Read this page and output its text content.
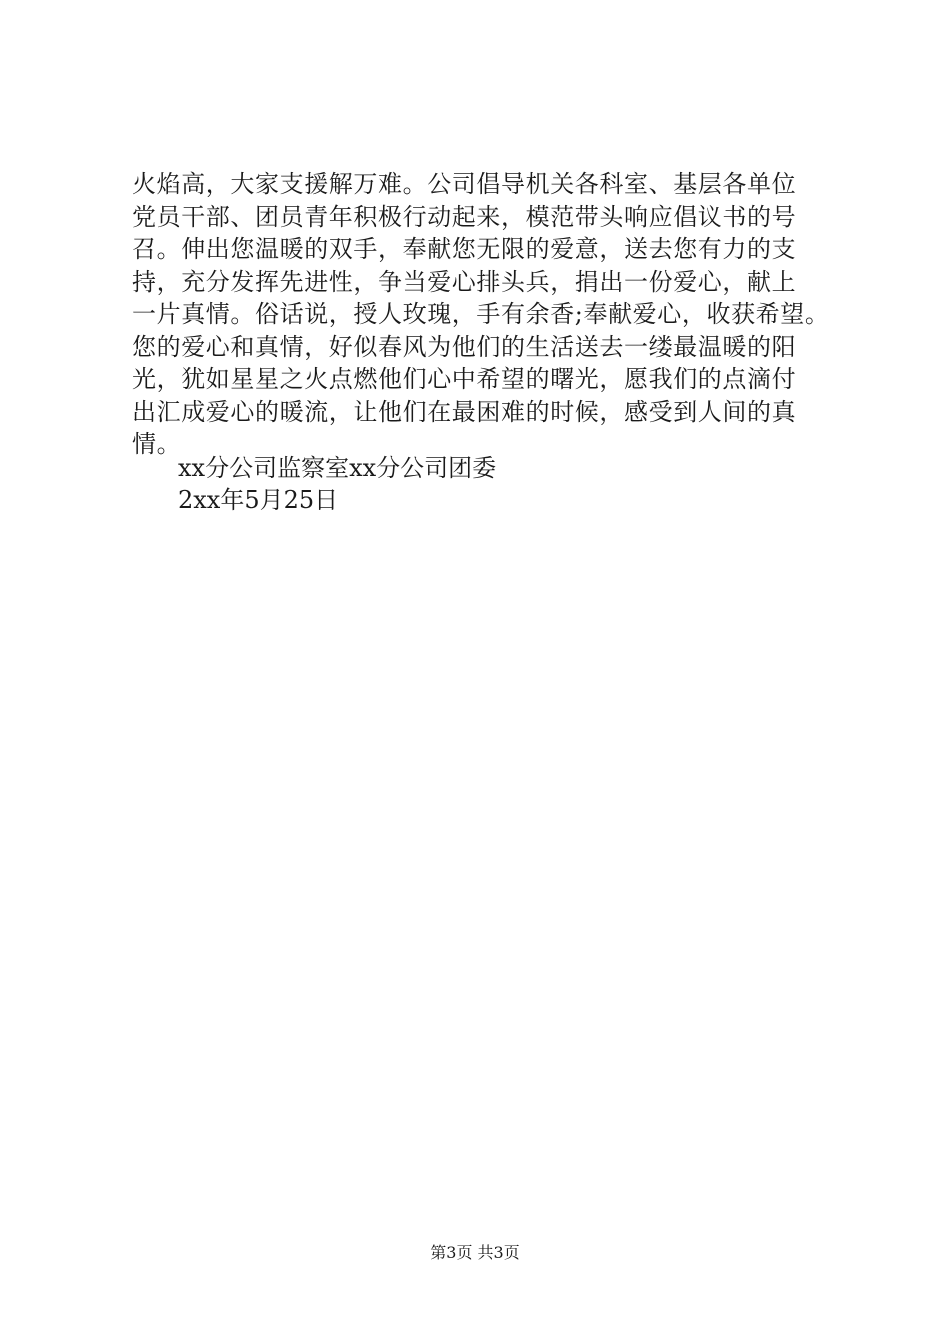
火焰高，大家支援解万难。公司倡导机关各科室、基层各单位
党员干部、团员青年积极行动起来，模范带头响应倡议书的号
召。伸出您温暖的双手，奉献您无限的爱意，送去您有力的支
持，充分发挥先进性，争当爱心排头兵，捐出一份爱心，献上
一片真情。俗话说，授人玫瑰，手有余香;奉献爱心，收获希望。
您的爱心和真情，好似春风为他们的生活送去一缕最温暖的阳
光，犹如星星之火点燃他们心中希望的曙光，愿我们的点滴付
出汇成爱心的暖流，让他们在最困难的时候，感受到人间的真
情。
xx分公司监察室xx分公司团委
2xx年5月25日
第3页 共3页
